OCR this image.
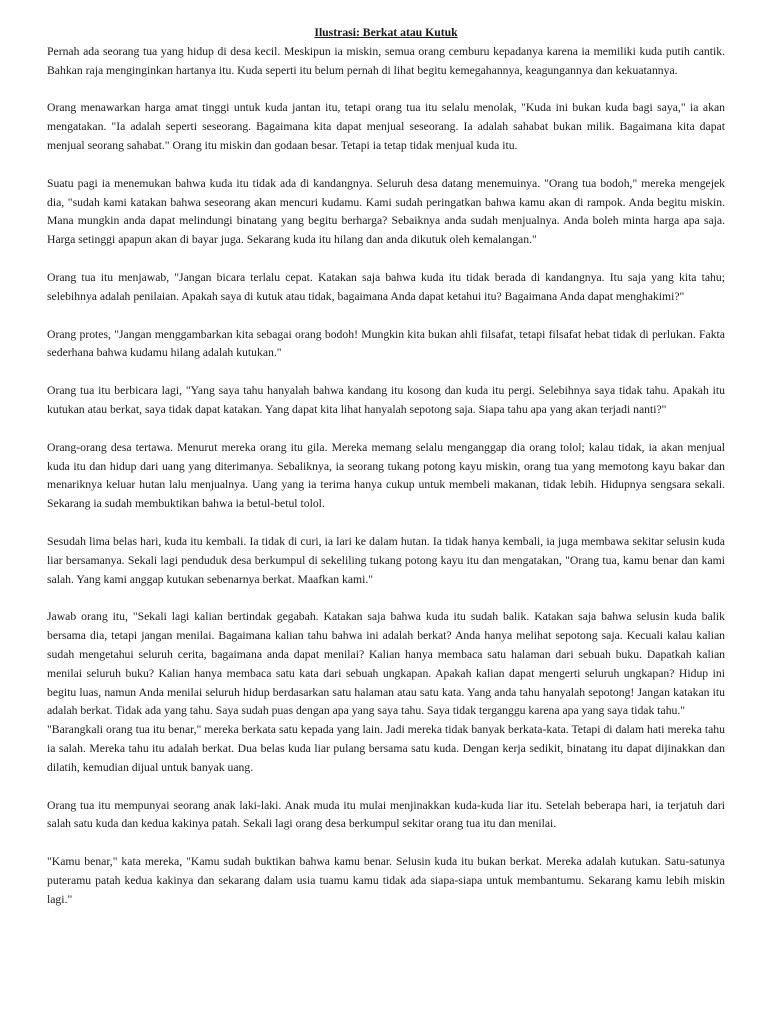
Ilustrasi: Berkat atau Kutuk

Pernah ada seorang tua yang hidup di desa kecil. Meskipun ia miskin, semua orang cemburu kepadanya karena ia memiliki kuda putih cantik. Bahkan raja menginginkan hartanya itu. Kuda seperti itu belum pernah di lihat begitu kemegahannya, keagungannya dan kekuatannya.

Orang menawarkan harga amat tinggi untuk kuda jantan itu, tetapi orang tua itu selalu menolak, "Kuda ini bukan kuda bagi saya," ia akan mengatakan. "Ia adalah seperti seseorang. Bagaimana kita dapat menjual seseorang. Ia adalah sahabat bukan milik. Bagaimana kita dapat menjual seorang sahabat." Orang itu miskin dan godaan besar. Tetapi ia tetap tidak menjual kuda itu.

Suatu pagi ia menemukan bahwa kuda itu tidak ada di kandangnya. Seluruh desa datang menemuinya. "Orang tua bodoh," mereka mengejek dia, "sudah kami katakan bahwa seseorang akan mencuri kudamu. Kami sudah peringatkan bahwa kamu akan di rampok. Anda begitu miskin. Mana mungkin anda dapat melindungi binatang yang begitu berharga? Sebaiknya anda sudah menjualnya. Anda boleh minta harga apa saja. Harga setinggi apapun akan di bayar juga. Sekarang kuda itu hilang dan anda dikutuk oleh kemalangan."

Orang tua itu menjawab, "Jangan bicara terlalu cepat. Katakan saja bahwa kuda itu tidak berada di kandangnya. Itu saja yang kita tahu; selebihnya adalah penilaian. Apakah saya di kutuk atau tidak, bagaimana Anda dapat ketahui itu? Bagaimana Anda dapat menghakimi?"

Orang protes, "Jangan menggambarkan kita sebagai orang bodoh! Mungkin kita bukan ahli filsafat, tetapi filsafat hebat tidak di perlukan. Fakta sederhana bahwa kudamu hilang adalah kutukan."

Orang tua itu berbicara lagi, "Yang saya tahu hanyalah bahwa kandang itu kosong dan kuda itu pergi. Selebihnya saya tidak tahu. Apakah itu kutukan atau berkat, saya tidak dapat katakan. Yang dapat kita lihat hanyalah sepotong saja. Siapa tahu apa yang akan terjadi nanti?"

Orang-orang desa tertawa. Menurut mereka orang itu gila. Mereka memang selalu menganggap dia orang tolol; kalau tidak, ia akan menjual kuda itu dan hidup dari uang yang diterimanya. Sebaliknya, ia seorang tukang potong kayu miskin, orang tua yang memotong kayu bakar dan menariknya keluar hutan lalu menjualnya. Uang yang ia terima hanya cukup untuk membeli makanan, tidak lebih. Hidupnya sengsara sekali. Sekarang ia sudah membuktikan bahwa ia betul-betul tolol.

Sesudah lima belas hari, kuda itu kembali. Ia tidak di curi, ia lari ke dalam hutan. Ia tidak hanya kembali, ia juga membawa sekitar selusin kuda liar bersamanya. Sekali lagi penduduk desa berkumpul di sekeliling tukang potong kayu itu dan mengatakan, "Orang tua, kamu benar dan kami salah. Yang kami anggap kutukan sebenarnya berkat. Maafkan kami."

Jawab orang itu, "Sekali lagi kalian bertindak gegabah. Katakan saja bahwa kuda itu sudah balik. Katakan saja bahwa selusin kuda balik bersama dia, tetapi jangan menilai. Bagaimana kalian tahu bahwa ini adalah berkat? Anda hanya melihat sepotong saja. Kecuali kalau kalian sudah mengetahui seluruh cerita, bagaimana anda dapat menilai? Kalian hanya membaca satu halaman dari sebuah buku. Dapatkah kalian menilai seluruh buku? Kalian hanya membaca satu kata dari sebuah ungkapan. Apakah kalian dapat mengerti seluruh ungkapan? Hidup ini begitu luas, namun Anda menilai seluruh hidup berdasarkan satu halaman atau satu kata. Yang anda tahu hanyalah sepotong! Jangan katakan itu adalah berkat. Tidak ada yang tahu. Saya sudah puas dengan apa yang saya tahu. Saya tidak terganggu karena apa yang saya tidak tahu."

"Barangkali orang tua itu benar," mereka berkata satu kepada yang lain. Jadi mereka tidak banyak berkata-kata. Tetapi di dalam hati mereka tahu ia salah. Mereka tahu itu adalah berkat. Dua belas kuda liar pulang bersama satu kuda. Dengan kerja sedikit, binatang itu dapat dijinakkan dan dilatih, kemudian dijual untuk banyak uang.

Orang tua itu mempunyai seorang anak laki-laki. Anak muda itu mulai menjinakkan kuda-kuda liar itu. Setelah beberapa hari, ia terjatuh dari salah satu kuda dan kedua kakinya patah. Sekali lagi orang desa berkumpul sekitar orang tua itu dan menilai.

"Kamu benar," kata mereka, "Kamu sudah buktikan bahwa kamu benar. Selusin kuda itu bukan berkat. Mereka adalah kutukan. Satu-satunya puteramu patah kedua kakinya dan sekarang dalam usia tuamu kamu tidak ada siapa-siapa untuk membantumu. Sekarang kamu lebih miskin lagi."
